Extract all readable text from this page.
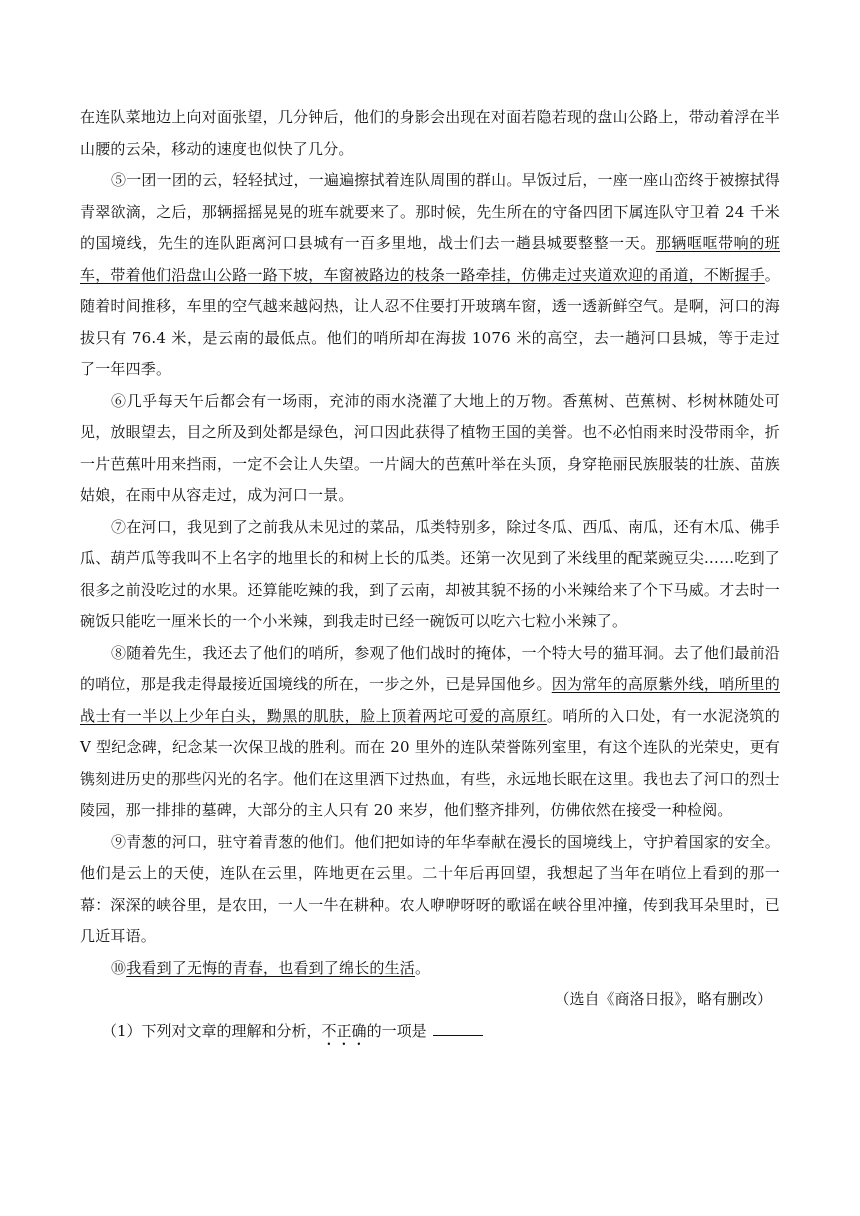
在连队菜地边上向对面张望，几分钟后，他们的身影会出现在对面若隐若现的盘山公路上，带动着浮在半山腰的云朵，移动的速度也似快了几分。

⑤一团一团的云，轻轻拭过，一遍遍擦拭着连队周围的群山。早饭过后，一座一座山峦终于被擦拭得青翠欲滴，之后，那辆摇摇晃晃的班车就要来了。那时候，先生所在的守备四团下属连队守卫着 24 千米的国境线，先生的连队距离河口县城有一百多里地，战士们去一趟县城要整整一天。那辆哐哐带响的班车，带着他们沿盘山公路一路下坡，车窗被路边的枝条一路牵挂，仿佛走过夹道欢迎的甬道，不断握手。随着时间推移，车里的空气越来越闷热，让人忍不住要打开玻璃车窗，透一透新鲜空气。是啊，河口的海拔只有 76.4 米，是云南的最低点。他们的哨所却在海拔 1076 米的高空，去一趟河口县城，等于走过了一年四季。

⑥几乎每天午后都会有一场雨，充沛的雨水浇灌了大地上的万物。香蕉树、芭蕉树、杉树林随处可见，放眼望去，目之所及到处都是绿色，河口因此获得了植物王国的美誉。也不必怕雨来时没带雨伞，折一片芭蕉叶用来挡雨，一定不会让人失望。一片阔大的芭蕉叶举在头顶，身穿艳丽民族服装的壮族、苗族姑娘，在雨中从容走过，成为河口一景。

⑦在河口，我见到了之前我从未见过的菜品，瓜类特别多，除过冬瓜、西瓜、南瓜，还有木瓜、佛手瓜、葫芦瓜等我叫不上名字的地里长的和树上长的瓜类。还第一次见到了米线里的配菜豌豆尖……吃到了很多之前没吃过的水果。还算能吃辣的我，到了云南，却被其貌不扬的小米辣给来了个下马威。才去时一碗饭只能吃一厘米长的一个小米辣，到我走时已经一碗饭可以吃六七粒小米辣了。

⑧随着先生，我还去了他们的哨所，参观了他们战时的掩体，一个特大号的猫耳洞。去了他们最前沿的哨位，那是我走得最接近国境线的所在，一步之外，已是异国他乡。因为常年的高原紫外线，哨所里的战士有一半以上少年白头，黝黑的肌肤，脸上顶着两坨可爱的高原红。哨所的入口处，有一水泥浇筑的 V 型纪念碑，纪念某一次保卫战的胜利。而在 20 里外的连队荣誉陈列室里，有这个连队的光荣史，更有镌刻进历史的那些闪光的名字。他们在这里洒下过热血，有些，永远地长眠在这里。我也去了河口的烈士陵园，那一排排的墓碑，大部分的主人只有 20 来岁，他们整齐排列，仿佛依然在接受一种检阅。

⑨青葱的河口，驻守着青葱的他们。他们把如诗的年华奉献在漫长的国境线上，守护着国家的安全。他们是云上的天使，连队在云里，阵地更在云里。二十年后再回望，我想起了当年在哨位上看到的那一幕：深深的峡谷里，是农田，一人一牛在耕种。农人咿咿呀呀的歌谣在峡谷里冲撞，传到我耳朵里时，已几近耳语。

⑩我看到了无悔的青春，也看到了绵长的生活。

（选自《商洛日报》，略有删改）

（1）下列对文章的理解和分析，不正确的一项是
